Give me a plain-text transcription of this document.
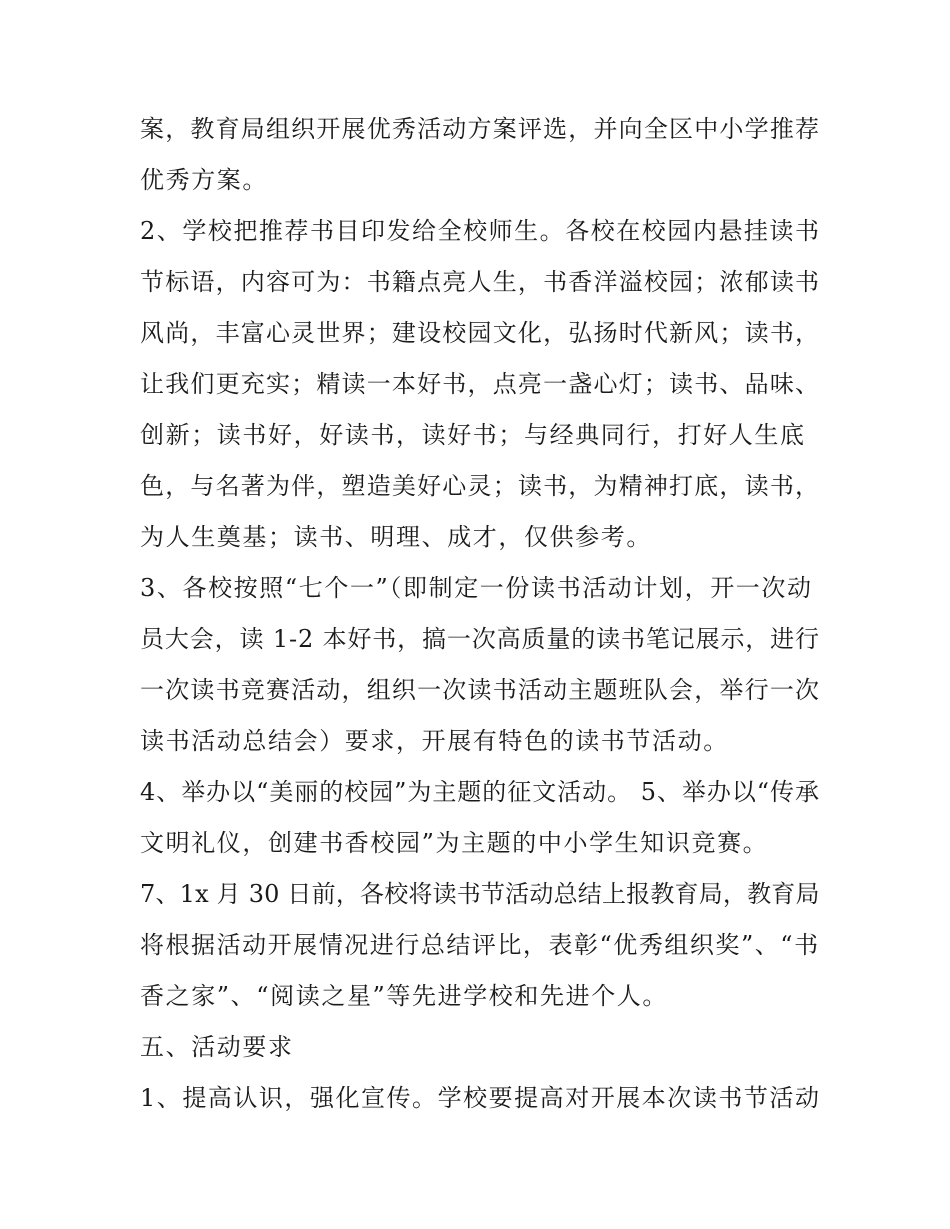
案，教育局组织开展优秀活动方案评选，并向全区中小学推荐
优秀方案。
2、学校把推荐书目印发给全校师生。各校在校园内悬挂读书
节标语，内容可为：书籍点亮人生，书香洋溢校园；浓郁读书
风尚，丰富心灵世界；建设校园文化，弘扬时代新风；读书，
让我们更充实；精读一本好书，点亮一盏心灯；读书、品味、
创新；读书好，好读书，读好书；与经典同行，打好人生底
色，与名著为伴，塑造美好心灵；读书，为精神打底，读书，
为人生奠基；读书、明理、成才，仅供参考。
3、各校按照“七个一”（即制定一份读书活动计划，开一次动
员大会，读 1-2 本好书，搞一次高质量的读书笔记展示，进行
一次读书竞赛活动，组织一次读书活动主题班队会，举行一次
读书活动总结会）要求，开展有特色的读书节活动。
4、举办以“美丽的校园”为主题的征文活动。 5、举办以“传承
文明礼仪，创建书香校园”为主题的中小学生知识竞赛。
7、1x 月 30 日前，各校将读书节活动总结上报教育局，教育局
将根据活动开展情况进行总结评比，表彰“优秀组织奖”、“书
香之家”、“阅读之星”等先进学校和先进个人。
五、活动要求
1、提高认识，强化宣传。学校要提高对开展本次读书节活动
